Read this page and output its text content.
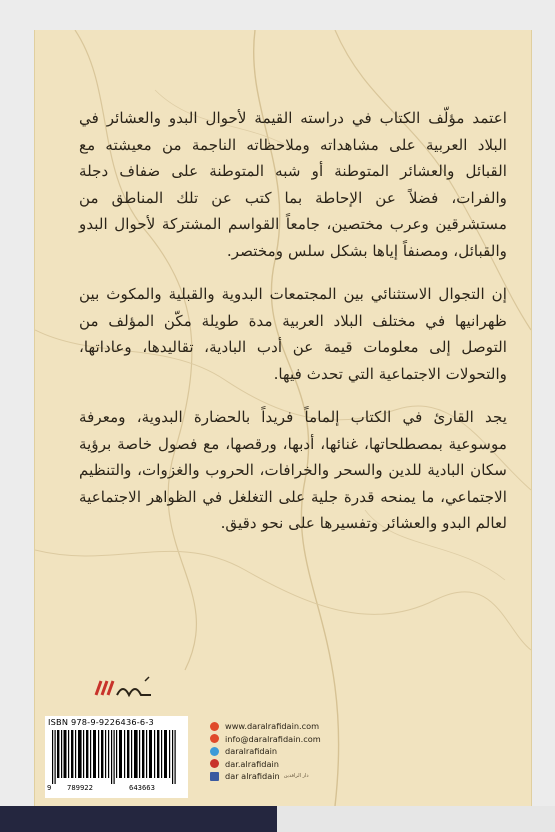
اعتمد مؤلّف الكتاب في دراسته القيمة لأحوال البدو والعشائر في البلاد العربية على مشاهداته وملاحظاته الناجمة من معيشته مع القبائل والعشائر المتوطنة أو شبه المتوطنة على ضفاف دجلة والفرات، فضلاً عن الإحاطة بما كتب عن تلك المناطق من مستشرقين وعرب مختصين، جامعاً القواسم المشتركة لأحوال البدو والقبائل، ومصنفاً إياها بشكل سلس ومختصر.

إن التجوال الاستثنائي بين المجتمعات البدوية والقبلية والمكوث بين ظهرانيها في مختلف البلاد العربية مدة طويلة مكّن المؤلف من التوصل إلى معلومات قيمة عن أدب البادية، تقاليدها، وعاداتها، والتحولات الاجتماعية التي تحدث فيها.

يجد القارئ في الكتاب إلماماً فريداً بالحضارة البدوية، ومعرفة موسوعية بمصطلحاتها، غنائها، أدبها، ورقصها، مع فصول خاصة برؤية سكان البادية للدين والسحر والخرافات، الحروب والغزوات، والتنظيم الاجتماعي، ما يمنحه قدرة جلية على التغلغل في الظواهر الاجتماعية لعالم البدو والعشائر وتفسيرها على نحو دقيق.

ISBN 978-9-9226436-6-3
9 789922	643663
www.daralrafidain.com
info@daralrafidain.com
daralrafidain
dar.alrafidain
dar alrafidain دار الرافدين
